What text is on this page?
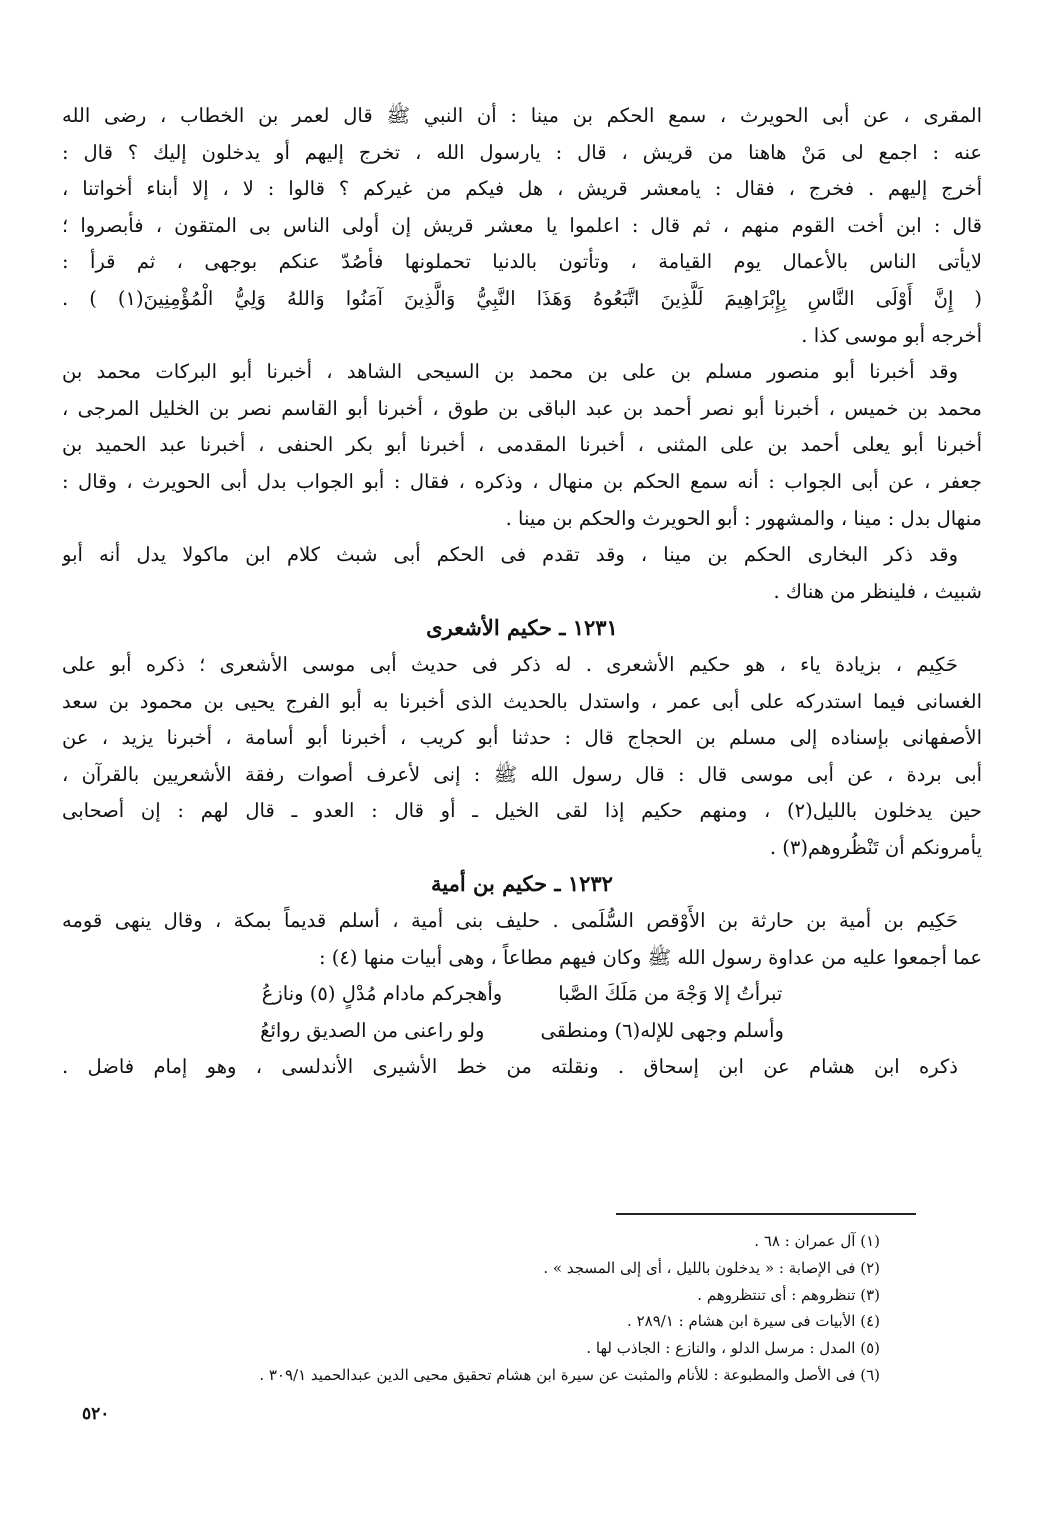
المقرى ، عن أبى الحويرث ، سمع الحكم بن مينا : أن النبي ﷺ قال لعمر بن الخطاب ، رضى الله
عنه : اجمع لى مَنْ هاهنا من قريش ، قال : يارسول الله ، تخرج إليهم أو يدخلون إليك ؟ قال :
أخرج إليهم . فخرج ، فقال : يامعشر قريش ، هل فيكم من غيركم ؟ قالوا : لا ، إلا أبناء أخواتنا ،
قال : ابن أخت القوم منهم ، ثم قال : اعلموا يا معشر قريش إن أولى الناس بى المتقون ، فأبصروا ؛
لايأتى الناس بالأعمال يوم القيامة ، وتأتون بالدنيا تحملونها فأصُدّ عنكم بوجهى ، ثم قرأ :
( إِنَّ أَوْلَى النَّاسِ بِإِبْرَاهِيمَ لَلَّذِينَ اتَّبَعُوهُ وَهَذَا النَّبِيُّ وَالَّذِينَ آمَنُوا وَاللهُ وَلِيُّ الْمُؤْمِنِينَ(١) ) .
أخرجه أبو موسى كذا .
وقد أخبرنا أبو منصور مسلم بن على بن محمد بن السيحى الشاهد ، أخبرنا أبو البركات محمد بن
محمد بن خميس ، أخبرنا أبو نصر أحمد بن عبد الباقى بن طوق ، أخبرنا أبو القاسم نصر بن الخليل المرجى ،
أخبرنا أبو يعلى أحمد بن على المثنى ، أخبرنا المقدمى ، أخبرنا أبو بكر الحنفى ، أخبرنا عبد الحميد بن
جعفر ، عن أبى الجواب : أنه سمع الحكم بن منهال ، وذكره ، فقال : أبو الجواب بدل أبى الحويرث ، وقال :
منهال بدل : مينا ، والمشهور : أبو الحويرث والحكم بن مينا .
وقد ذكر البخارى الحكم بن مينا ، وقد تقدم فى الحكم أبى شبث كلام ابن ماكولا يدل أنه أبو
شبيث ، فلينظر من هناك .
١٢٣١ ـ حكيم الأشعرى
حَكِيم ، بزيادة ياء ، هو حكيم الأشعرى . له ذكر فى حديث أبى موسى الأشعرى ؛ ذكره أبو على
الغسانى فيما استدركه على أبى عمر ، واستدل بالحديث الذى أخبرنا به أبو الفرج يحيى بن محمود بن سعد
الأصفهانى بإسناده إلى مسلم بن الحجاج قال : حدثنا أبو كريب ، أخبرنا أبو أسامة ، أخبرنا يزيد ، عن
أبى بردة ، عن أبى موسى قال : قال رسول الله ﷺ : إنى لأعرف أصوات رفقة الأشعريين بالقرآن ،
حين يدخلون بالليل(٢) ، ومنهم حكيم إذا لقى الخيل ـ أو قال : العدو ـ قال لهم : إن أصحابى
يأمرونكم أن تَنْظُروهم(٣) .
١٢٣٢ ـ حكيم بن أمية
حَكِيم بن أمية بن حارثة بن الأَوْقص السُّلَمى . حليف بنى أمية ، أسلم قديماً بمكة ، وقال ينهى قومه
عما أجمعوا عليه من عداوة رسول الله ﷺ وكان فيهم مطاعاً ، وهى أبيات منها (٤) :
تبرأتُ إلا وَجْهَ من مَلَكَ الصَّبا
وأهجركم مادام مُدْلٍ (٥) ونازعُ
وأسلم وجهى للإله(٦) ومنطقى
ولو راعنى من الصديق روائعُ
ذكره ابن هشام عن ابن إسحاق . ونقلته من خط الأشيرى الأندلسى ، وهو إمام فاضل .
(١) آل عمران : ٦٨ .
(٢) فى الإصابة : « يدخلون بالليل ، أى إلى المسجد » .
(٣) تنظروهم : أى تنتظروهم .
(٤) الأبيات فى سيرة ابن هشام : ٢٨٩/١ .
(٥) المدل : مرسل الدلو ، والنازع : الجاذب لها .
(٦) فى الأصل والمطبوعة : للأنام والمثبت عن سيرة ابن هشام تحقيق محيى الدين عبدالحميد ٣٠٩/١ .
٥٢٠
